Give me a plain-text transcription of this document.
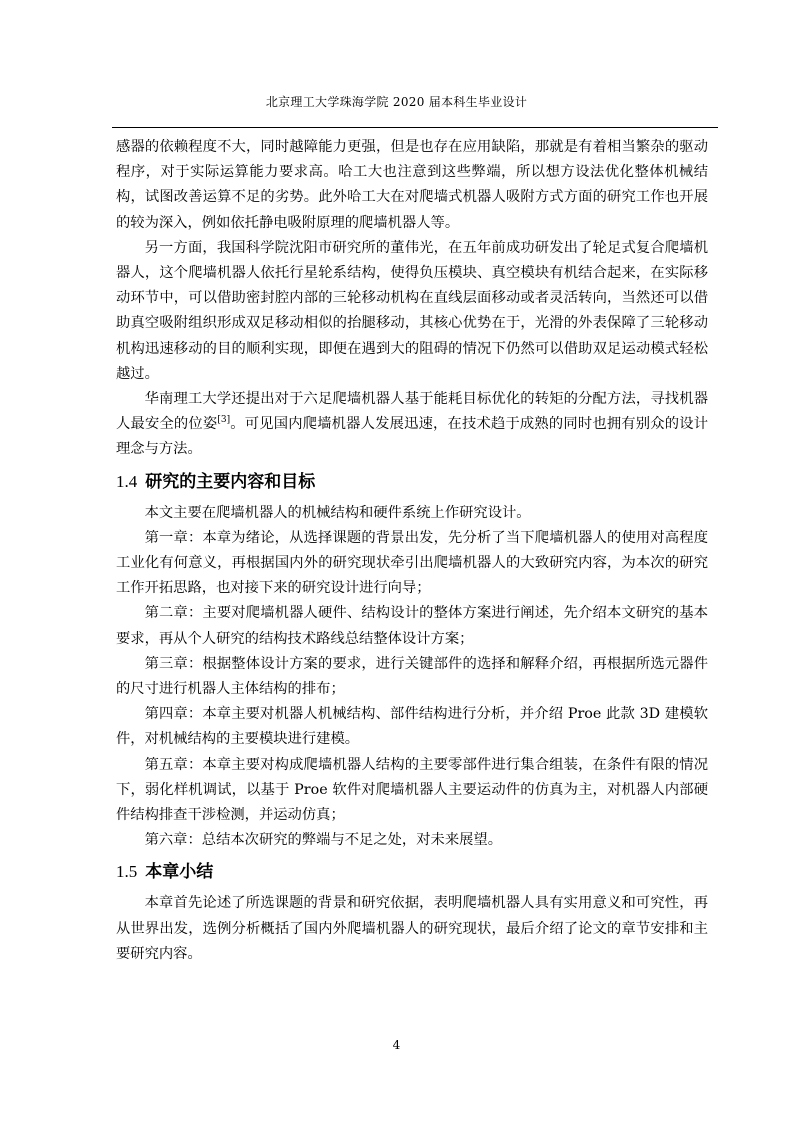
北京理工大学珠海学院 2020 届本科生毕业设计

感器的依赖程度不大，同时越障能力更强，但是也存在应用缺陷，那就是有着相当繁杂的驱动程序，对于实际运算能力要求高。哈工大也注意到这些弊端，所以想方设法优化整体机械结构，试图改善运算不足的劣势。此外哈工大在对爬墙式机器人吸附方式方面的研究工作也开展的较为深入，例如依托静电吸附原理的爬墙机器人等。

另一方面，我国科学院沈阳市研究所的董伟光，在五年前成功研发出了轮足式复合爬墙机器人，这个爬墙机器人依托行星轮系结构，使得负压模块、真空模块有机结合起来，在实际移动环节中，可以借助密封腔内部的三轮移动机构在直线层面移动或者灵活转向，当然还可以借助真空吸附组织形成双足移动相似的抬腿移动，其核心优势在于，光滑的外表保障了三轮移动机构迅速移动的目的顺利实现，即便在遇到大的阻碍的情况下仍然可以借助双足运动模式轻松越过。

华南理工大学还提出对于六足爬墙机器人基于能耗目标优化的转矩的分配方法，寻找机器人最安全的位姿[3]。可见国内爬墙机器人发展迅速，在技术趋于成熟的同时也拥有别众的设计理念与方法。

1.4 研究的主要内容和目标

本文主要在爬墙机器人的机械结构和硬件系统上作研究设计。

第一章：本章为绪论，从选择课题的背景出发，先分析了当下爬墙机器人的使用对高程度工业化有何意义，再根据国内外的研究现状牵引出爬墙机器人的大致研究内容，为本次的研究工作开拓思路，也对接下来的研究设计进行向导；

第二章：主要对爬墙机器人硬件、结构设计的整体方案进行阐述，先介绍本文研究的基本要求，再从个人研究的结构技术路线总结整体设计方案；

第三章：根据整体设计方案的要求，进行关键部件的选择和解释介绍，再根据所选元器件的尺寸进行机器人主体结构的排布；

第四章：本章主要对机器人机械结构、部件结构进行分析，并介绍 Proe 此款 3D 建模软件，对机械结构的主要模块进行建模。

第五章：本章主要对构成爬墙机器人结构的主要零部件进行集合组装，在条件有限的情况下，弱化样机调试，以基于 Proe 软件对爬墙机器人主要运动件的仿真为主，对机器人内部硬件结构排查干涉检测，并运动仿真；

第六章：总结本次研究的弊端与不足之处，对未来展望。

1.5 本章小结

本章首先论述了所选课题的背景和研究依据，表明爬墙机器人具有实用意义和可究性，再从世界出发，选例分析概括了国内外爬墙机器人的研究现状，最后介绍了论文的章节安排和主要研究内容。

4
